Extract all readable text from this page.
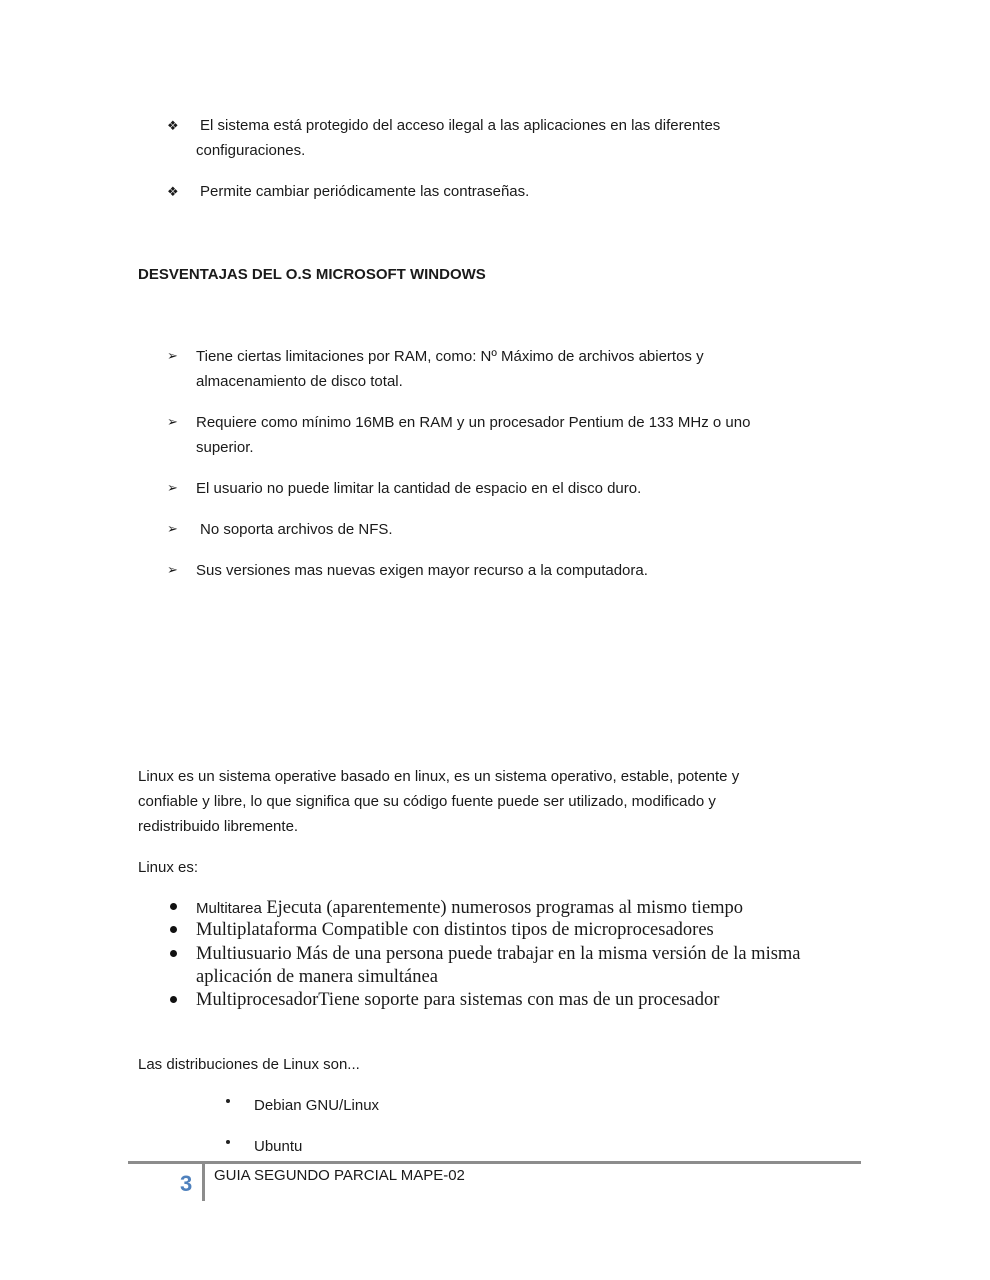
❖ El sistema está protegido del acceso ilegal a las aplicaciones en las diferentes
configuraciones.
❖ Permite cambiar periódicamente las contraseñas.
DESVENTAJAS DEL O.S MICROSOFT WINDOWS
➢ Tiene ciertas limitaciones por RAM, como: Nº Máximo de archivos abiertos y
almacenamiento de disco total.
➢ Requiere como mínimo 16MB en RAM y un procesador Pentium de 133 MHz o uno
superior.
➢ El usuario no puede limitar la cantidad de espacio en el disco duro.
➢ No soporta archivos de NFS.
➢ Sus versiones mas nuevas exigen mayor recurso a la computadora.
Linux es un sistema operative basado en linux, es un sistema operativo, estable, potente y
confiable y libre, lo que significa que su código fuente puede ser utilizado, modificado y
redistribuido libremente.
Linux es:
Multitarea Ejecuta (aparentemente) numerosos programas al mismo tiempo
Multiplataforma Compatible con distintos tipos de microprocesadores
Multiusuario Más de una persona puede trabajar en la misma versión de la misma
aplicación de manera simultánea
MultiprocesadorTiene soporte para sistemas con mas de un procesador
Las distribuciones de Linux son...
Debian GNU/Linux
Ubuntu
3 GUIA SEGUNDO PARCIAL MAPE-02
